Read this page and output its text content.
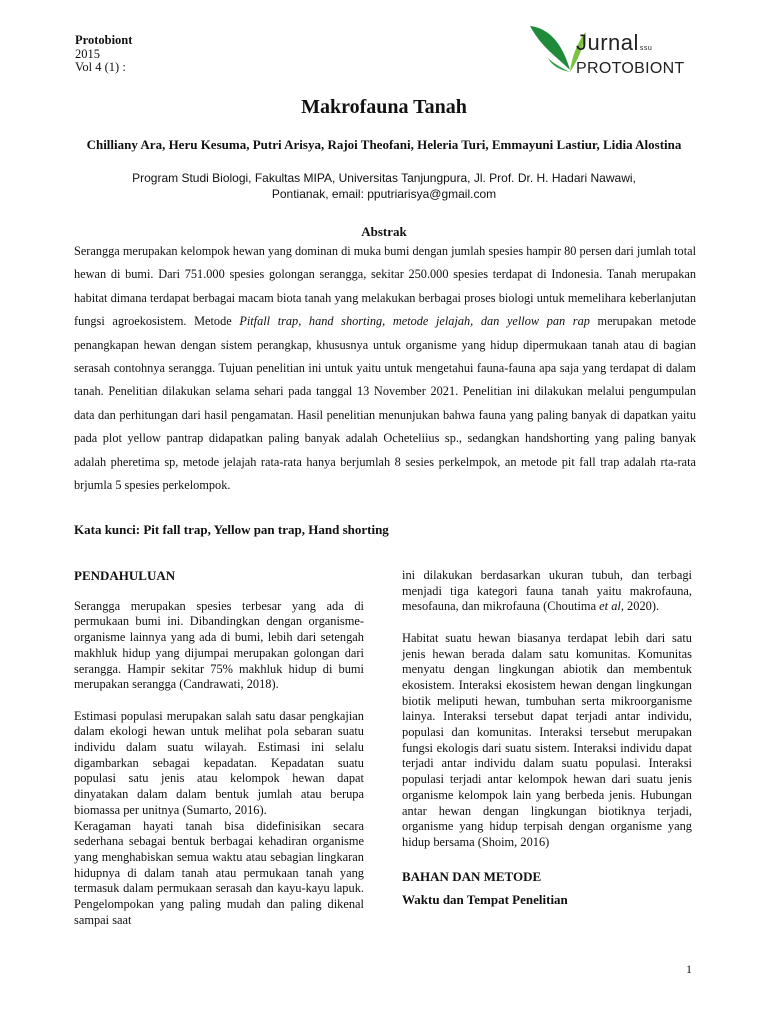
Protobiont
2015
Vol 4 (1) :
Jurnalssu
PROTOBIONT
Makrofauna Tanah
Chilliany Ara, Heru Kesuma, Putri Arisya, Rajoi Theofani, Heleria Turi, Emmayuni Lastiur, Lidia Alostina
Program Studi Biologi, Fakultas MIPA, Universitas Tanjungpura, Jl. Prof. Dr. H. Hadari Nawawi,
Pontianak, email: pputriarisya@gmail.com
Abstrak
Serangga merupakan kelompok hewan yang dominan di muka bumi dengan jumlah spesies hampir 80 persen dari jumlah total hewan di bumi. Dari 751.000 spesies golongan serangga, sekitar 250.000 spesies terdapat di Indonesia. Tanah merupakan habitat dimana terdapat berbagai macam biota tanah yang melakukan berbagai proses biologi untuk memelihara keberlanjutan fungsi agroekosistem. Metode Pitfall trap, hand shorting, metode jelajah, dan yellow pan rap merupakan metode penangkapan hewan dengan sistem perangkap, khususnya untuk organisme yang hidup dipermukaan tanah atau di bagian serasah contohnya serangga. Tujuan penelitian ini untuk yaitu untuk mengetahui fauna-fauna apa saja yang terdapat di dalam tanah. Penelitian dilakukan selama sehari pada tanggal 13 November 2021. Penelitian ini dilakukan melalui pengumpulan data dan perhitungan dari hasil pengamatan. Hasil penelitian menunjukan bahwa fauna yang paling banyak di dapatkan yaitu pada plot yellow pantrap didapatkan paling banyak adalah Ocheteliius sp., sedangkan handshorting yang paling banyak adalah pheretima sp, metode jelajah rata-rata hanya berjumlah 8 sesies perkelmpok, an metode pit fall trap adalah rta-rata brjumla 5 spesies perkelompok.
Kata kunci: Pit fall trap, Yellow pan trap, Hand shorting
PENDAHULUAN

Serangga merupakan spesies terbesar yang ada di permukaan bumi ini. Dibandingkan dengan organisme-organisme lainnya yang ada di bumi, lebih dari setengah makhluk hidup yang dijumpai merupakan golongan dari serangga. Hampir sekitar 75% makhluk hidup di bumi merupakan serangga (Candrawati, 2018).

Estimasi populasi merupakan salah satu dasar pengkajian dalam ekologi hewan untuk melihat pola sebaran suatu individu dalam suatu wilayah. Estimasi ini selalu digambarkan sebagai kepadatan. Kepadatan suatu populasi satu jenis atau kelompok hewan dapat dinyatakan dalam dalam bentuk jumlah atau berupa biomassa per unitnya (Sumarto, 2016).

Keragaman hayati tanah bisa didefinisikan secara sederhana sebagai bentuk berbagai kehadiran organisme yang menghabiskan semua waktu atau sebagian lingkaran hidupnya di dalam tanah atau permukaan tanah yang termasuk dalam permukaan serasah dan kayu-kayu lapuk. Pengelompokan yang paling mudah dan paling dikenal sampai saat

ini dilakukan berdasarkan ukuran tubuh, dan terbagi menjadi tiga kategori fauna tanah yaitu makrofauna, mesofauna, dan mikrofauna (Choutima et al, 2020).

Habitat suatu hewan biasanya terdapat lebih dari satu jenis hewan berada dalam satu komunitas. Komunitas menyatu dengan lingkungan abiotik dan membentuk ekosistem. Interaksi ekosistem hewan dengan lingkungan biotik meliputi hewan, tumbuhan serta mikroorganisme lainya. Interaksi tersebut dapat terjadi antar individu, populasi dan komunitas. Interaksi tersebut merupakan fungsi ekologis dari suatu sistem. Interaksi individu dapat terjadi antar individu dalam suatu populasi. Interaksi populasi terjadi antar kelompok hewan dari suatu jenis organisme kelompok lain yang berbeda jenis. Hubungan antar hewan dengan lingkungan biotiknya terjadi, organisme yang hidup terpisah dengan organisme yang hidup bersama (Shoim, 2016)

BAHAN DAN METODE
Waktu dan Tempat Penelitian
1
